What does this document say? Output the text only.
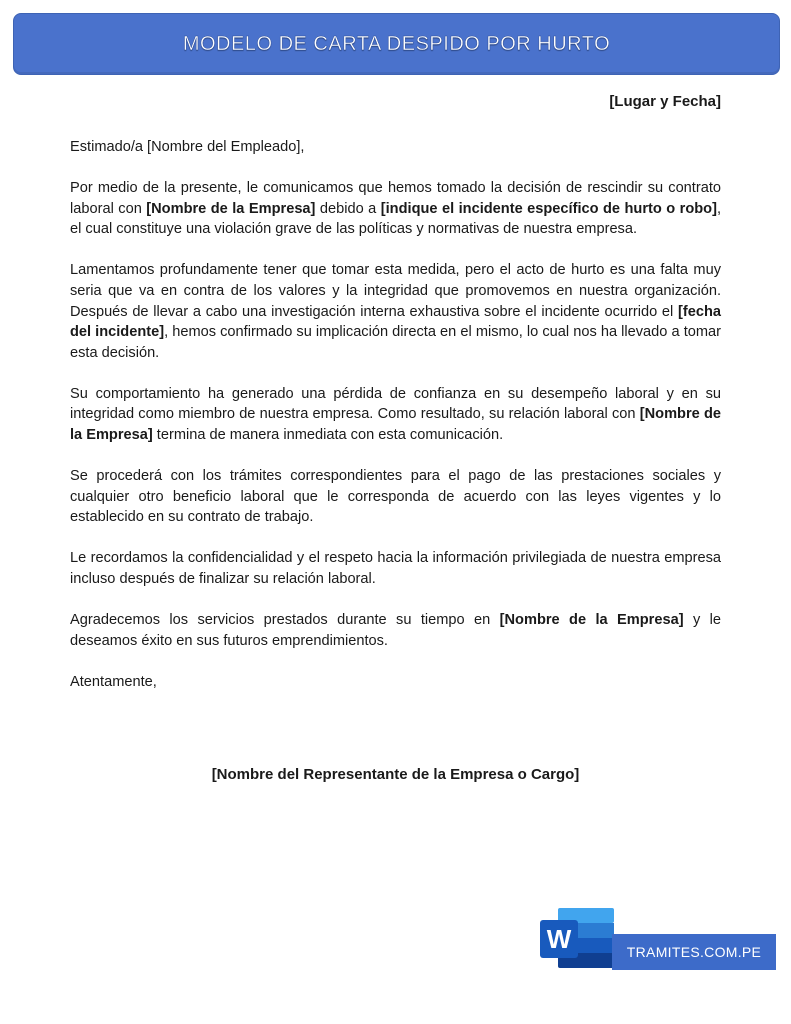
MODELO DE CARTA DESPIDO POR HURTO
[Lugar y Fecha]

Estimado/a [Nombre del Empleado],

Por medio de la presente, le comunicamos que hemos tomado la decisión de rescindir su contrato laboral con [Nombre de la Empresa] debido a [indique el incidente específico de hurto o robo], el cual constituye una violación grave de las políticas y normativas de nuestra empresa.

Lamentamos profundamente tener que tomar esta medida, pero el acto de hurto es una falta muy seria que va en contra de los valores y la integridad que promovemos en nuestra organización. Después de llevar a cabo una investigación interna exhaustiva sobre el incidente ocurrido el [fecha del incidente], hemos confirmado su implicación directa en el mismo, lo cual nos ha llevado a tomar esta decisión.

Su comportamiento ha generado una pérdida de confianza en su desempeño laboral y en su integridad como miembro de nuestra empresa. Como resultado, su relación laboral con [Nombre de la Empresa] termina de manera inmediata con esta comunicación.

Se procederá con los trámites correspondientes para el pago de las prestaciones sociales y cualquier otro beneficio laboral que le corresponda de acuerdo con las leyes vigentes y lo establecido en su contrato de trabajo.

Le recordamos la confidencialidad y el respeto hacia la información privilegiada de nuestra empresa incluso después de finalizar su relación laboral.

Agradecemos los servicios prestados durante su tiempo en [Nombre de la Empresa] y le deseamos éxito en sus futuros emprendimientos.

Atentamente,

[Nombre del Representante de la Empresa o Cargo]
W	TRAMITES.COM.PE
